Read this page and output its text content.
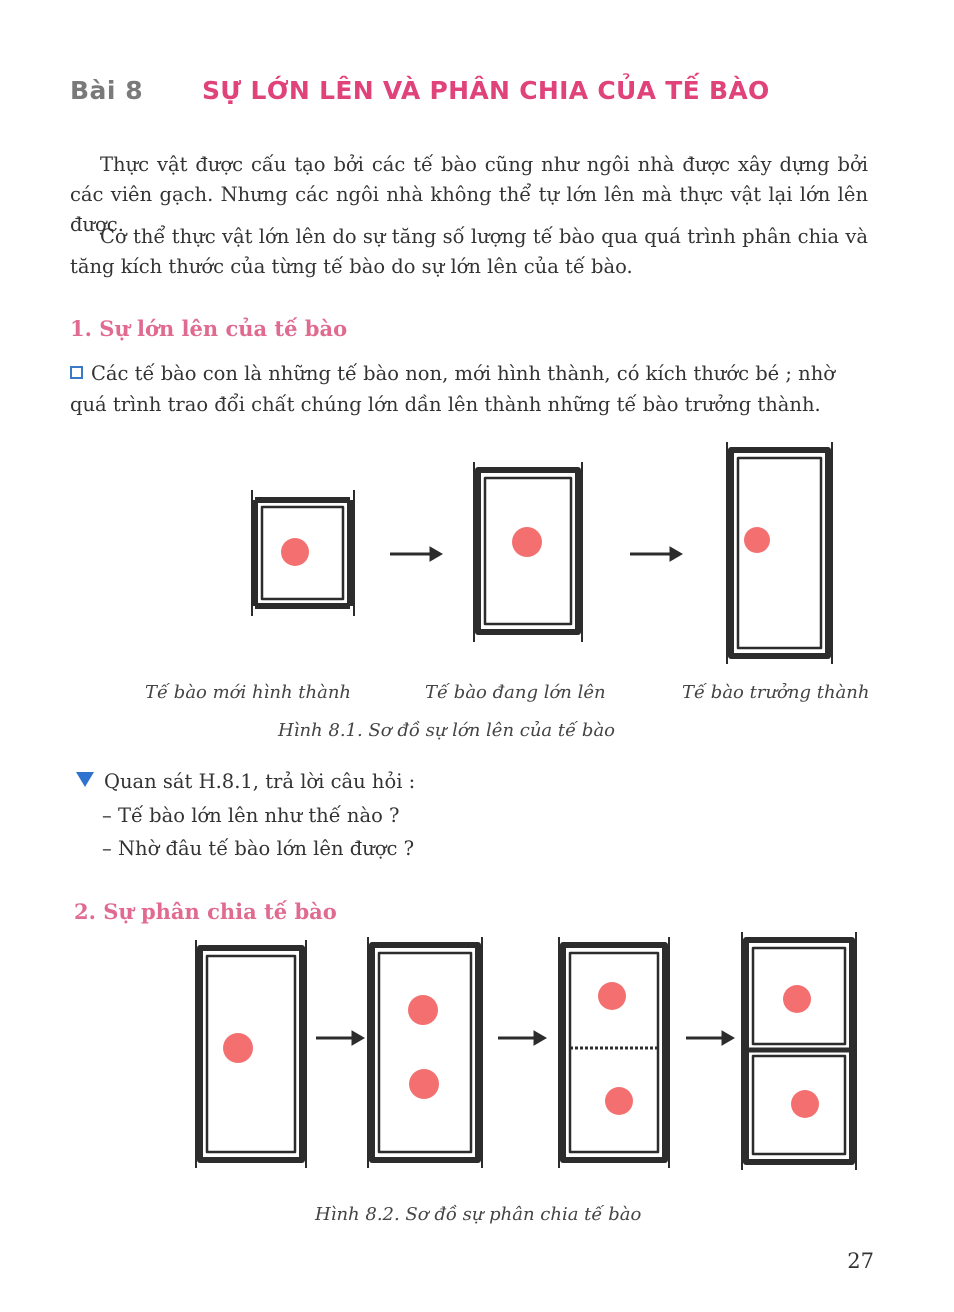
Bài 8 SỰ LỚN LÊN VÀ PHÂN CHIA CỦA TẾ BÀO
Thực vật được cấu tạo bởi các tế bào cũng như ngôi nhà được xây dựng bởi các viên gạch. Nhưng các ngôi nhà không thể tự lớn lên mà thực vật lại lớn lên được.
Cơ thể thực vật lớn lên do sự tăng số lượng tế bào qua quá trình phân chia và tăng kích thước của từng tế bào do sự lớn lên của tế bào.
1. Sự lớn lên của tế bào
Các tế bào con là những tế bào non, mới hình thành, có kích thước bé ; nhờ quá trình trao đổi chất chúng lớn dần lên thành những tế bào trưởng thành.
Tế bào mới hình thành	Tế bào đang lớn lên	Tế bào trưởng thành
Hình 8.1. Sơ đồ sự lớn lên của tế bào
Quan sát H.8.1, trả lời câu hỏi :
– Tế bào lớn lên như thế nào ?
– Nhờ đâu tế bào lớn lên được ?
2. Sự phân chia tế bào
Hình 8.2. Sơ đồ sự phân chia tế bào
27
